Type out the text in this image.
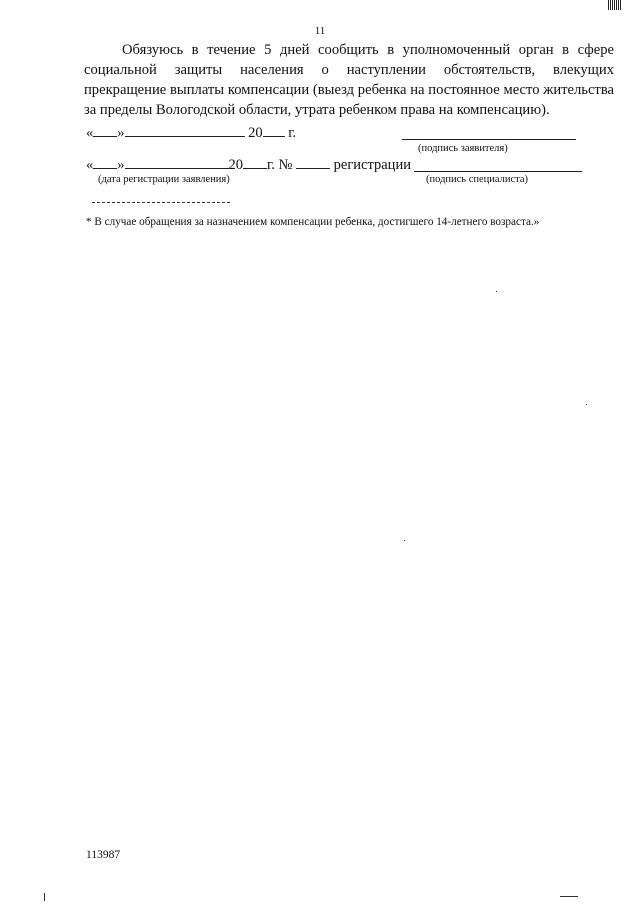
11
Обязуюсь в течение 5 дней сообщить в уполномоченный орган в сфере социальной защиты населения о наступлении обстоятельств, влекущих прекращение выплаты компенсации (выезд ребенка на постоянное место жительства за пределы Вологодской области, утрата ребенком права на компенсацию).
« »	20 г.
(подпись заявителя)
« »	20 г. №	регистрации
(дата регистрации заявления)	(подпись специалиста)
* В случае обращения за назначением компенсации ребенка, достигшего 14-летнего возраста.»
113987
